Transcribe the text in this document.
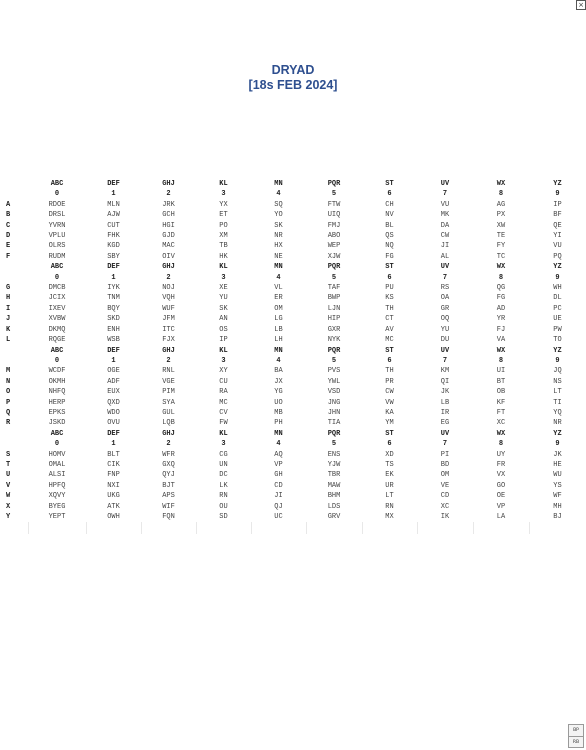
×
DRYAD
[18s FEB 2024]
	ABC	DEF	GHJ	KL	MN	PQR	ST	UV	WX	YZ
	0	1	2	3	4	5	6	7	8	9
A	RDOE	MLN	JRK	YX	SQ	FTW	CH	VU	AG	IP
B	DRSL	AJW	GCH	ET	YO	UIQ	NV	MK	PX	BF
C	YVRN	CUT	HGI	PO	SK	FMJ	BL	DA	XW	QE
D	VPLU	FHK	GJD	XM	NR	ABO	QS	CW	TE	YI
E	OLRS	KGD	MAC	TB	HX	WEP	NQ	JI	FY	VU
F	RUDM	SBY	OIV	HK	NE	XJW	FG	AL	TC	PQ
	ABC	DEF	GHJ	KL	MN	PQR	ST	UV	WX	YZ
	0	1	2	3	4	5	6	7	8	9
G	DMCB	IYK	NOJ	XE	VL	TAF	PU	RS	QG	WH
H	JCIX	TNM	VQH	YU	ER	BWP	KS	OA	FG	DL
I	IXEV	BQY	WUF	SK	OM	LJN	TH	GR	AD	PC
J	XVBW	SKD	JFM	AN	LG	HIP	CT	OQ	YR	UE
K	DKMQ	ENH	ITC	OS	LB	GXR	AV	YU	FJ	PW
L	RQGE	WSB	FJX	IP	LH	NYK	MC	DU	VA	TO
	ABC	DEF	GHJ	KL	MN	PQR	ST	UV	WX	YZ
	0	1	2	3	4	5	6	7	8	9
M	WCDF	OGE	RNL	XY	BA	PVS	TH	KM	UI	JQ
N	OKMH	ADF	VGE	CU	JX	YWL	PR	QI	BT	NS
O	NHFQ	EUX	PIM	RA	YG	VSD	CW	JK	OB	LT
P	HERP	QXD	SYA	MC	UO	JNG	VW	LB	KF	TI
Q	EPKS	WDO	GUL	CV	MB	JHN	KA	IR	FT	YQ
R	JSKD	OVU	LQB	FW	PH	TIA	YM	EG	XC	NR
	ABC	DEF	GHJ	KL	MN	PQR	ST	UV	WX	YZ
	0	1	2	3	4	5	6	7	8	9
S	HOMV	BLT	WFR	CG	AQ	ENS	XD	PI	UY	JK
T	OMAL	CIK	GXQ	UN	VP	YJW	TS	BD	FR	HE
U	ALSI	FNP	QYJ	DC	GH	TBR	EK	OM	VX	WU
V	HPFQ	NXI	BJT	LK	CD	MAW	UR	VE	GO	YS
W	XQVY	UKG	APS	RN	JI	BHM	LT	CD	OE	WF
X	BYEG	ATK	WIF	OU	QJ	LDS	RN	XC	VP	MH
Y	YEPT	OWH	FQN	SD	UC	GRV	MX	IK	LA	BJ

BP
RB
